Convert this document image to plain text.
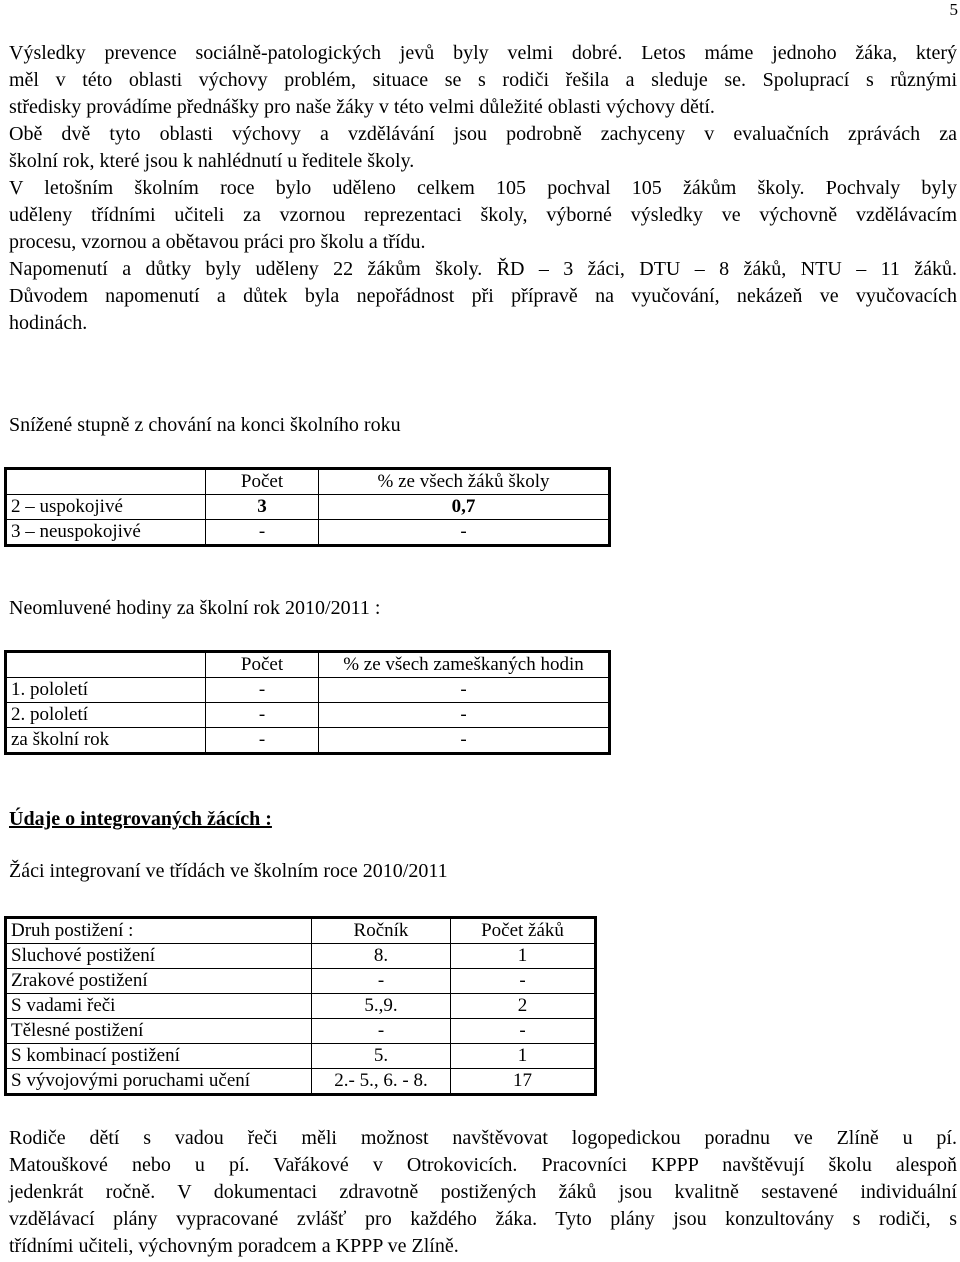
5
Výsledky prevence sociálně-patologických jevů byly velmi dobré. Letos máme jednoho žáka, který
měl v této oblasti výchovy problém, situace se s rodiči řešila a sleduje se. Spoluprací s různými
středisky provádíme přednášky pro naše žáky v této velmi důležité oblasti výchovy dětí.
Obě dvě tyto oblasti výchovy a vzdělávání jsou podrobně zachyceny v evaluačních zprávách za
školní rok, které jsou k nahlédnutí u ředitele školy.
V letošním školním roce bylo uděleno celkem 105 pochval 105 žákům školy. Pochvaly byly
uděleny třídními učiteli za vzornou reprezentaci školy, výborné výsledky ve výchovně vzdělávacím
procesu, vzornou a obětavou práci pro školu a třídu.
Napomenutí a důtky byly uděleny 22 žákům školy. ŘD – 3 žáci, DTU – 8 žáků, NTU – 11 žáků.
Důvodem napomenutí a důtek byla nepořádnost při přípravě na vyučování, nekázeň ve vyučovacích
hodinách.
Snížené stupně z chování na konci školního roku
	Počet	% ze všech žáků školy
2 – uspokojivé	3	0,7
3 – neuspokojivé	-	-
Neomluvené hodiny za školní rok 2010/2011 :
	Počet	% ze všech zameškaných hodin
1. pololetí	-	-
2. pololetí	-	-
za školní rok	-	-
Údaje o integrovaných žácích :
Žáci integrovaní ve třídách ve školním roce 2010/2011
Druh postižení :	Ročník	Počet žáků
Sluchové postižení	8.	1
Zrakové postižení	-	-
S vadami řeči	5.,9.	2
Tělesné postižení	-	-
S kombinací postižení	5.	1
S vývojovými poruchami učení	2.- 5., 6. - 8.	17
Rodiče dětí s vadou řeči měli možnost navštěvovat logopedickou poradnu ve Zlíně u pí.
Matouškové nebo u pí. Vařákové v Otrokovicích. Pracovníci KPPP navštěvují školu alespoň
jedenkrát ročně. V dokumentaci zdravotně postižených žáků jsou kvalitně sestavené individuální
vzdělávací plány vypracované zvlášť pro každého žáka. Tyto plány jsou konzultovány s rodiči, s
třídními učiteli, výchovným poradcem a KPPP ve Zlíně.
